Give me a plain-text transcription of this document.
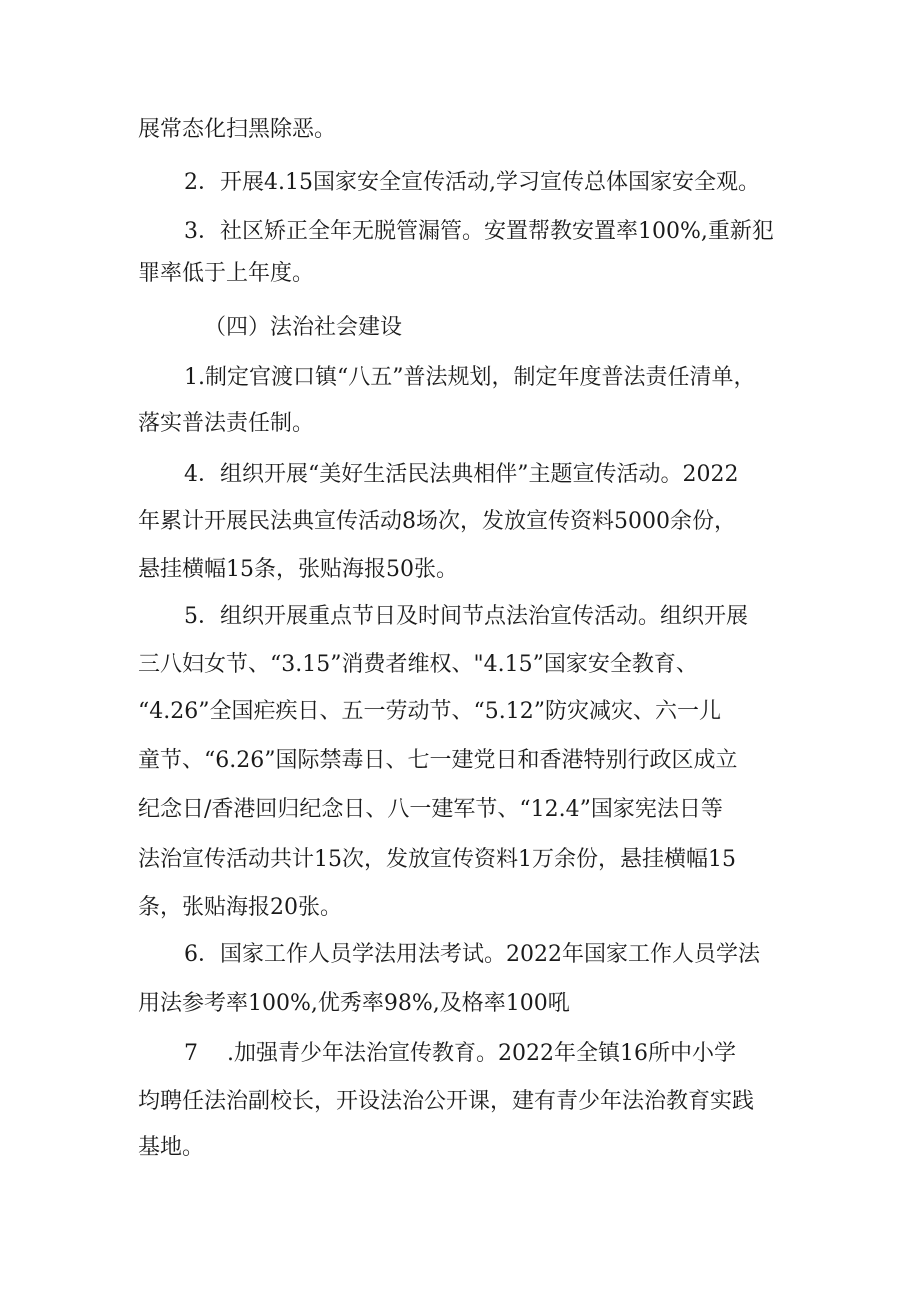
展常态化扫黑除恶。
2．开展4.15国家安全宣传活动,学习宣传总体国家安全观。
3．社区矫正全年无脱管漏管。安置帮教安置率100%,重新犯
罪率低于上年度。
（四）法治社会建设
1.制定官渡口镇“八五”普法规划，制定年度普法责任清单，
落实普法责任制。
4．组织开展“美好生活民法典相伴”主题宣传活动。2022
年累计开展民法典宣传活动8场次，发放宣传资料5000余份，
悬挂横幅15条，张贴海报50张。
5．组织开展重点节日及时间节点法治宣传活动。组织开展
三八妇女节、“3.15”消费者维权、"4.15”国家安全教育、
“4.26”全国疟疾日、五一劳动节、“5.12”防灾减灾、六一儿
童节、“6.26”国际禁毒日、七一建党日和香港特别行政区成立
纪念日/香港回归纪念日、八一建军节、“12.4”国家宪法日等
法治宣传活动共计15次，发放宣传资料1万余份，悬挂横幅15
条，张贴海报20张。
6．国家工作人员学法用法考试。2022年国家工作人员学法
用法参考率100%,优秀率98%,及格率100吼
7　 .加强青少年法治宣传教育。2022年全镇16所中小学
均聘任法治副校长，开设法治公开课，建有青少年法治教育实践
基地。
